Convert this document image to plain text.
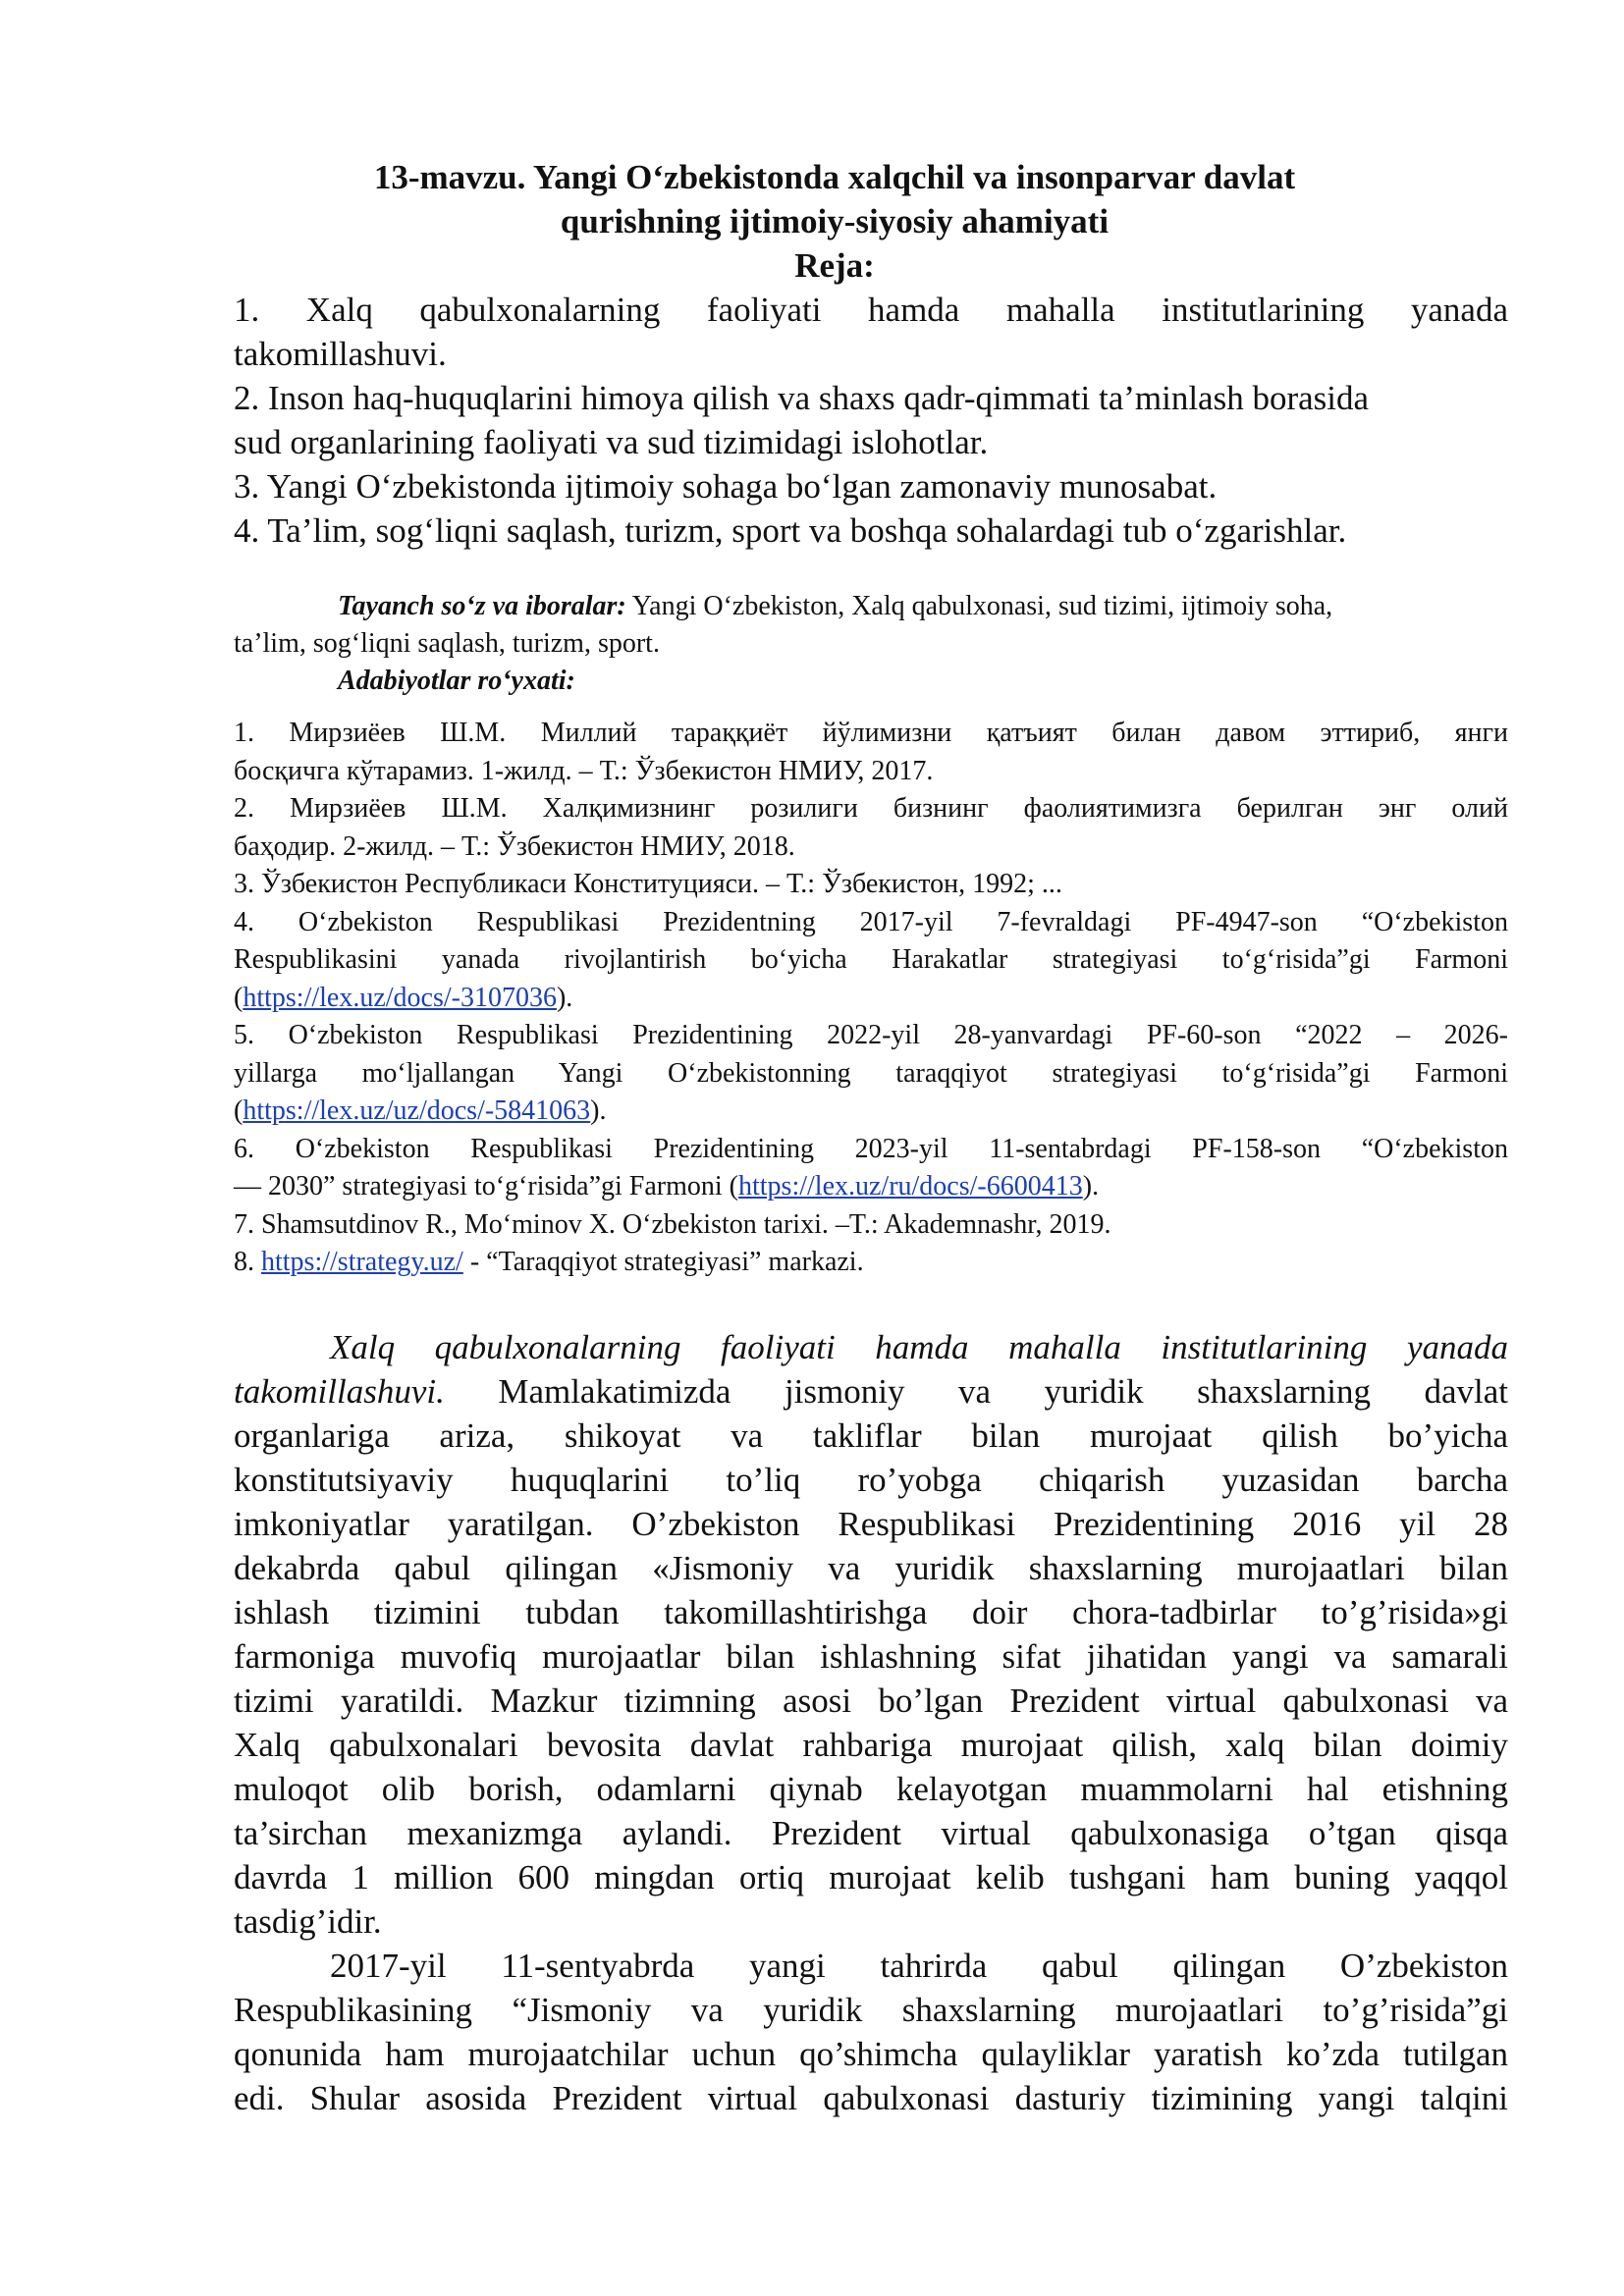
13-mavzu. Yangi O‘zbekistonda xalqchil va insonparvar davlat
qurishning ijtimoiy-siyosiy ahamiyati
Reja:
1. Xalq qabulxonalarning faoliyati hamda mahalla institutlarining yanada
takomillashuvi.
2. Inson haq-huquqlarini himoya qilish va shaxs qadr-qimmati ta’minlash borasida
sud organlarining faoliyati va sud tizimidagi islohotlar.
3. Yangi O‘zbekistonda ijtimoiy sohaga bo‘lgan zamonaviy munosabat.
4. Ta’lim, sog‘liqni saqlash, turizm, sport va boshqa sohalardagi tub o‘zgarishlar.
Tayanch so‘z va iboralar: Yangi O‘zbekiston, Xalq qabulxonasi, sud tizimi, ijtimoiy soha,
ta’lim, sog‘liqni saqlash, turizm, sport.
Adabiyotlar ro‘yxati:
1. Мирзиёев Ш.М. Миллий тараққиёт йўлимизни қатъият билан давом эттириб, янги
босқичга кўтарамиз. 1-жилд. – Т.: Ўзбекистон НМИУ, 2017.
2. Мирзиёев Ш.М. Халқимизнинг розилиги бизнинг фаолиятимизга берилган энг олий
баҳодир. 2-жилд. – Т.: Ўзбекистон НМИУ, 2018.
3. Ўзбекистон Республикаси Конституцияси. – Т.: Ўзбекистон, 1992; ...
4. O‘zbekiston Respublikasi Prezidentning 2017-yil 7-fevraldagi PF-4947-son “O‘zbekiston
Respublikasini yanada rivojlantirish bo‘yicha Harakatlar strategiyasi to‘g‘risida”gi Farmoni
(https://lex.uz/docs/-3107036).
5. O‘zbekiston Respublikasi Prezidentining 2022-yil 28-yanvardagi PF-60-son “2022 – 2026-
yillarga mo‘ljallangan Yangi O‘zbekistonning taraqqiyot strategiyasi to‘g‘risida”gi Farmoni
(https://lex.uz/uz/docs/-5841063).
6. O‘zbekiston Respublikasi Prezidentining 2023-yil 11-sentabrdagi PF-158-son “O‘zbekiston
— 2030” strategiyasi to‘g‘risida”gi Farmoni (https://lex.uz/ru/docs/-6600413).
7. Shamsutdinov R., Mo‘minov X. O‘zbekiston tarixi. –T.: Akademnashr, 2019.
8. https://strategy.uz/ - “Taraqqiyot strategiyasi” markazi.
Xalq qabulxonalarning faoliyati hamda mahalla institutlarining yanada
takomillashuvi. Mamlakatimizda jismoniy va yuridik shaxslarning davlat
organlariga ariza, shikoyat va takliflar bilan murojaat qilish bo’yicha
konstitutsiyaviy huquqlarini to’liq ro’yobga chiqarish yuzasidan barcha
imkoniyatlar yaratilgan. O’zbekiston Respublikasi Prezidentining 2016 yil 28
dekabrda qabul qilingan «Jismoniy va yuridik shaxslarning murojaatlari bilan
ishlash tizimini tubdan takomillashtirishga doir chora-tadbirlar to’g’risida»gi
farmoniga muvofiq murojaatlar bilan ishlashning sifat jihatidan yangi va samarali
tizimi yaratildi. Mazkur tizimning asosi bo’lgan Prezident virtual qabulxonasi va
Xalq qabulxonalari bevosita davlat rahbariga murojaat qilish, xalq bilan doimiy
muloqot olib borish, odamlarni qiynab kelayotgan muammolarni hal etishning
ta’sirchan mexanizmga aylandi. Prezident virtual qabulxonasiga o’tgan qisqa
davrda 1 million 600 mingdan ortiq murojaat kelib tushgani ham buning yaqqol
tasdig’idir.
2017-yil 11-sentyabrda yangi tahrirda qabul qilingan O’zbekiston
Respublikasining “Jismoniy va yuridik shaxslarning murojaatlari to’g’risida”gi
qonunida ham murojaatchilar uchun qo’shimcha qulayliklar yaratish ko’zda tutilgan
edi. Shular asosida Prezident virtual qabulxonasi dasturiy tizimining yangi talqini
